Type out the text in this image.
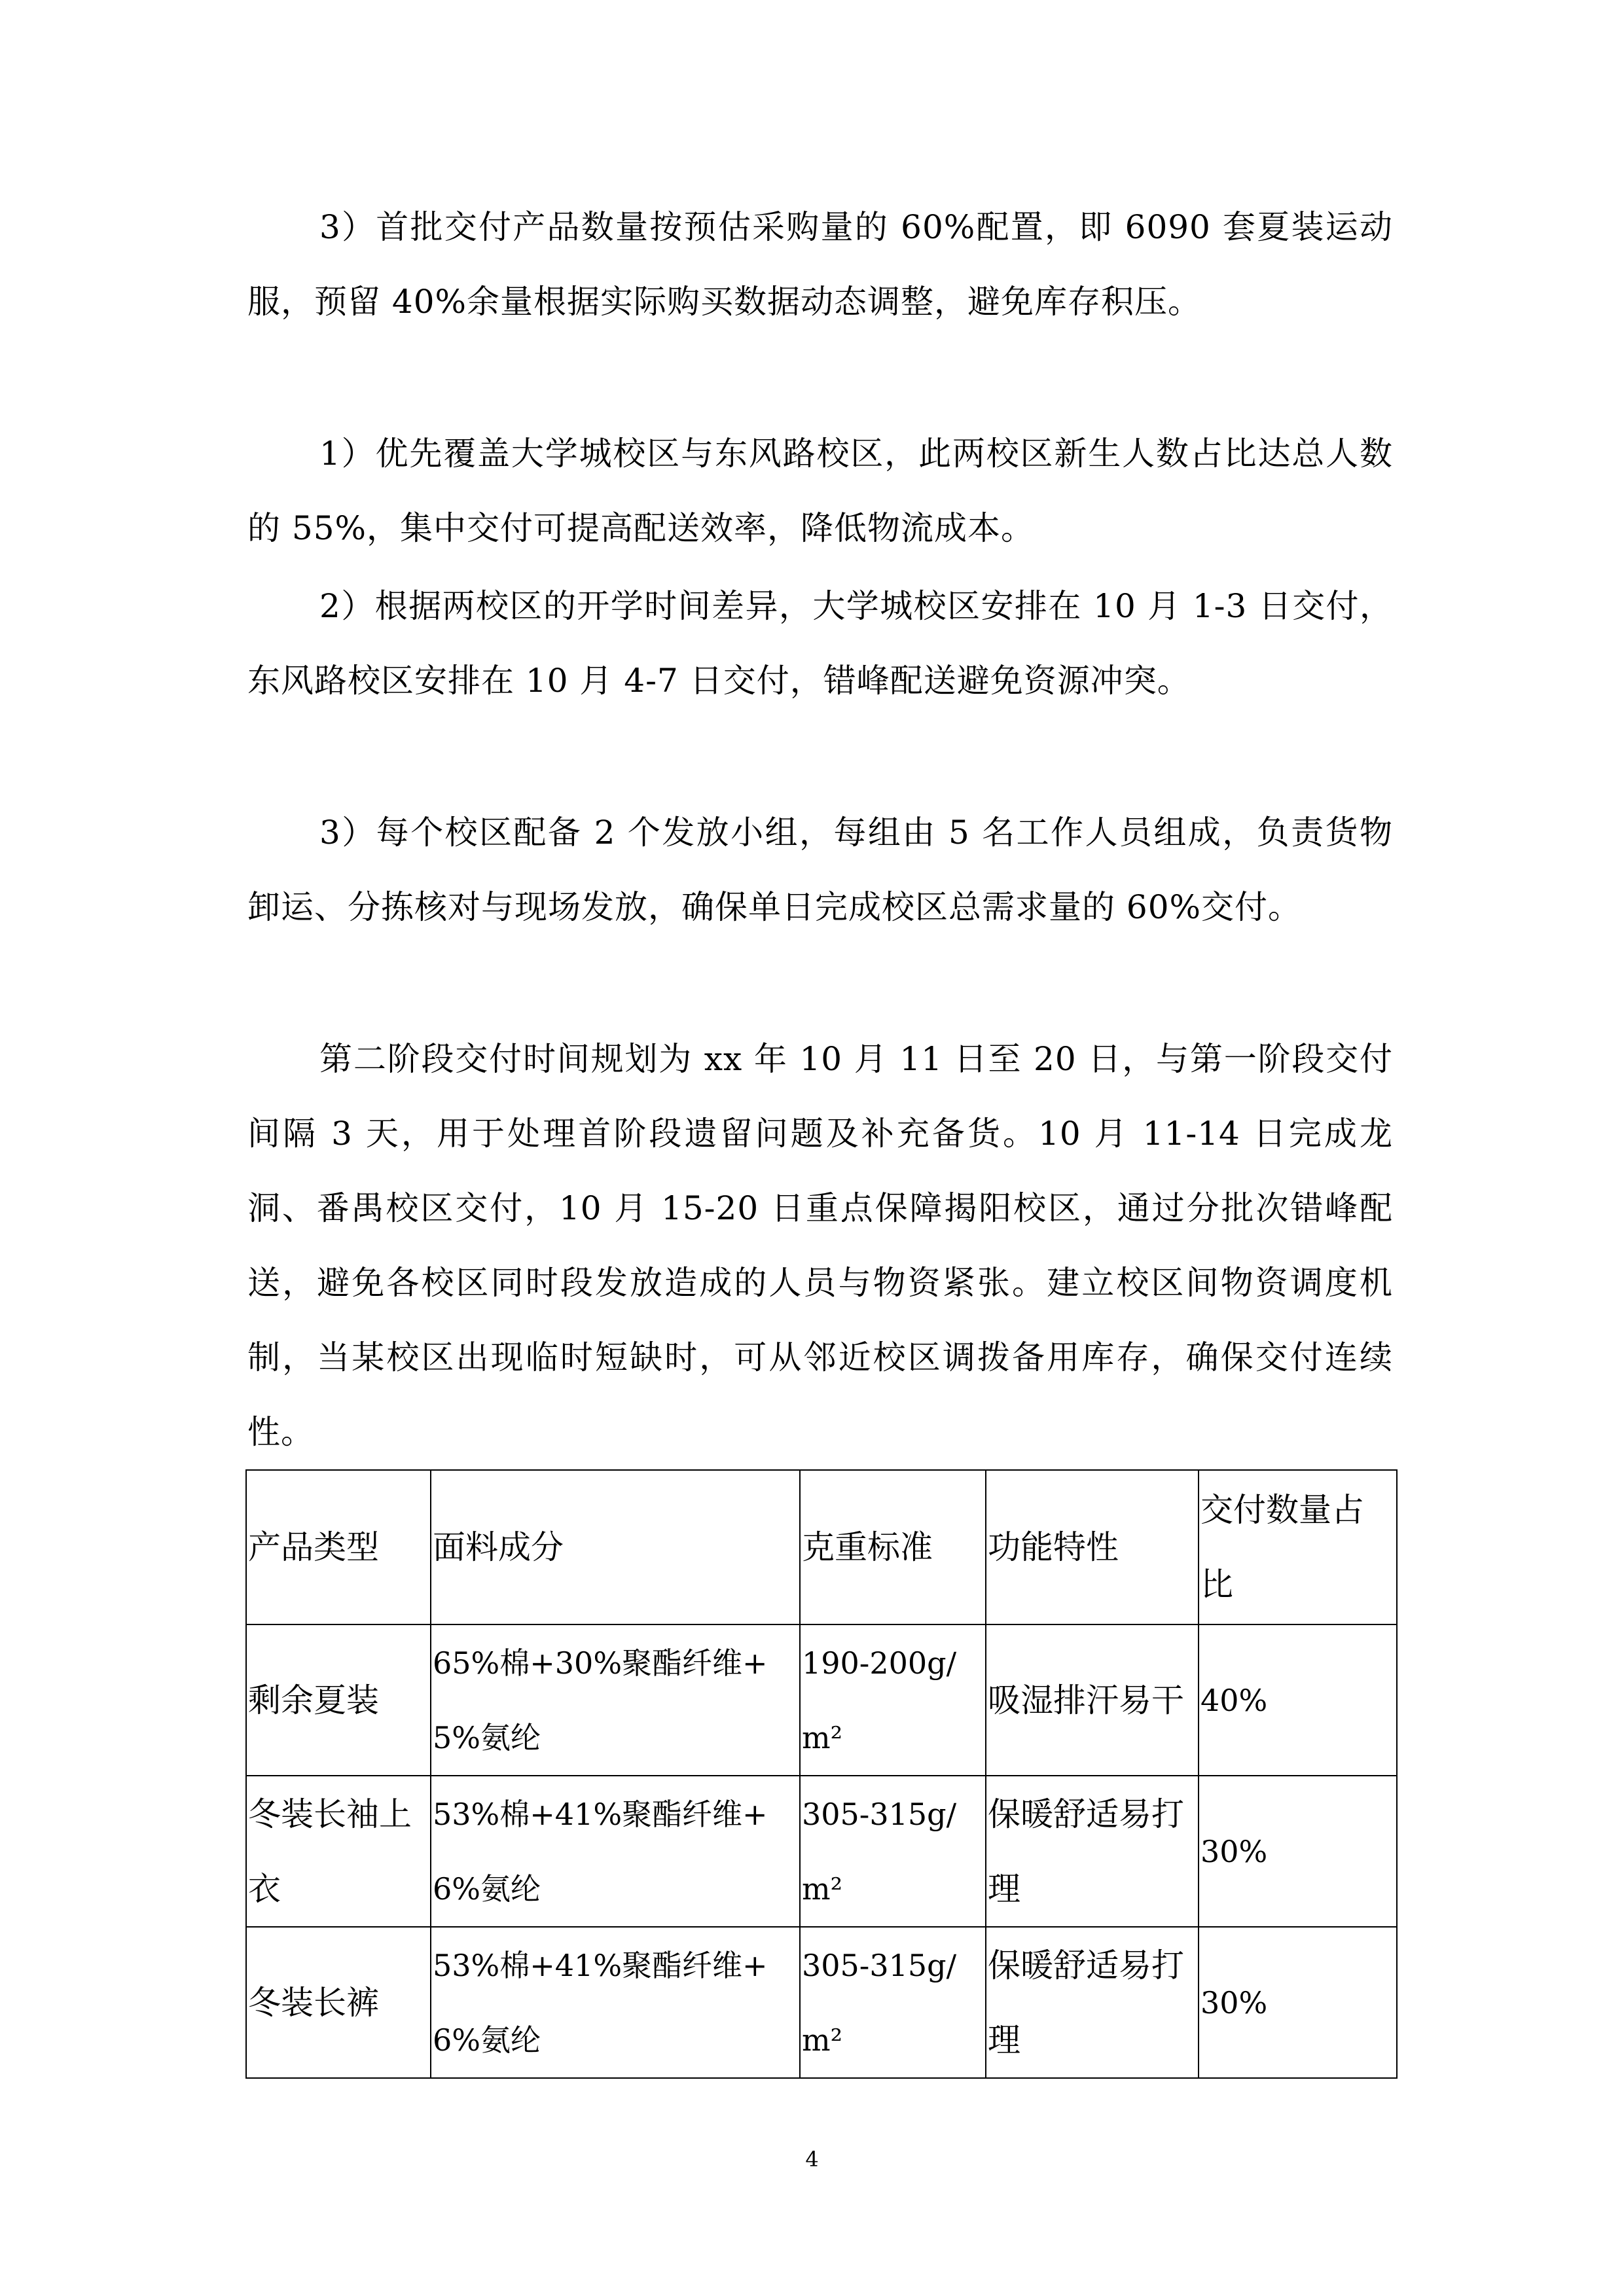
3）首批交付产品数量按预估采购量的 60%配置，即 6090 套夏装运动服，预留 40%余量根据实际购买数据动态调整，避免库存积压。

1）优先覆盖大学城校区与东风路校区，此两校区新生人数占比达总人数的 55%，集中交付可提高配送效率，降低物流成本。

2）根据两校区的开学时间差异，大学城校区安排在 10 月 1-3 日交付，东风路校区安排在 10 月 4-7 日交付，错峰配送避免资源冲突。

3）每个校区配备 2 个发放小组，每组由 5 名工作人员组成，负责货物卸运、分拣核对与现场发放，确保单日完成校区总需求量的 60%交付。

第二阶段交付时间规划为 xx 年 10 月 11 日至 20 日，与第一阶段交付间隔 3 天，用于处理首阶段遗留问题及补充备货。10 月 11-14 日完成龙洞、番禺校区交付，10 月 15-20 日重点保障揭阳校区，通过分批次错峰配送，避免各校区同时段发放造成的人员与物资紧张。建立校区间物资调度机制，当某校区出现临时短缺时，可从邻近校区调拨备用库存，确保交付连续性。

产品类型	面料成分	克重标准	功能特性	交付数量占比
剩余夏装	65%棉+30%聚酯纤维+5%氨纶	190-200g/m²	吸湿排汗易干	40%
冬装长袖上衣	53%棉+41%聚酯纤维+6%氨纶	305-315g/m²	保暖舒适易打理	30%
冬装长裤	53%棉+41%聚酯纤维+6%氨纶	305-315g/m²	保暖舒适易打理	30%
4
